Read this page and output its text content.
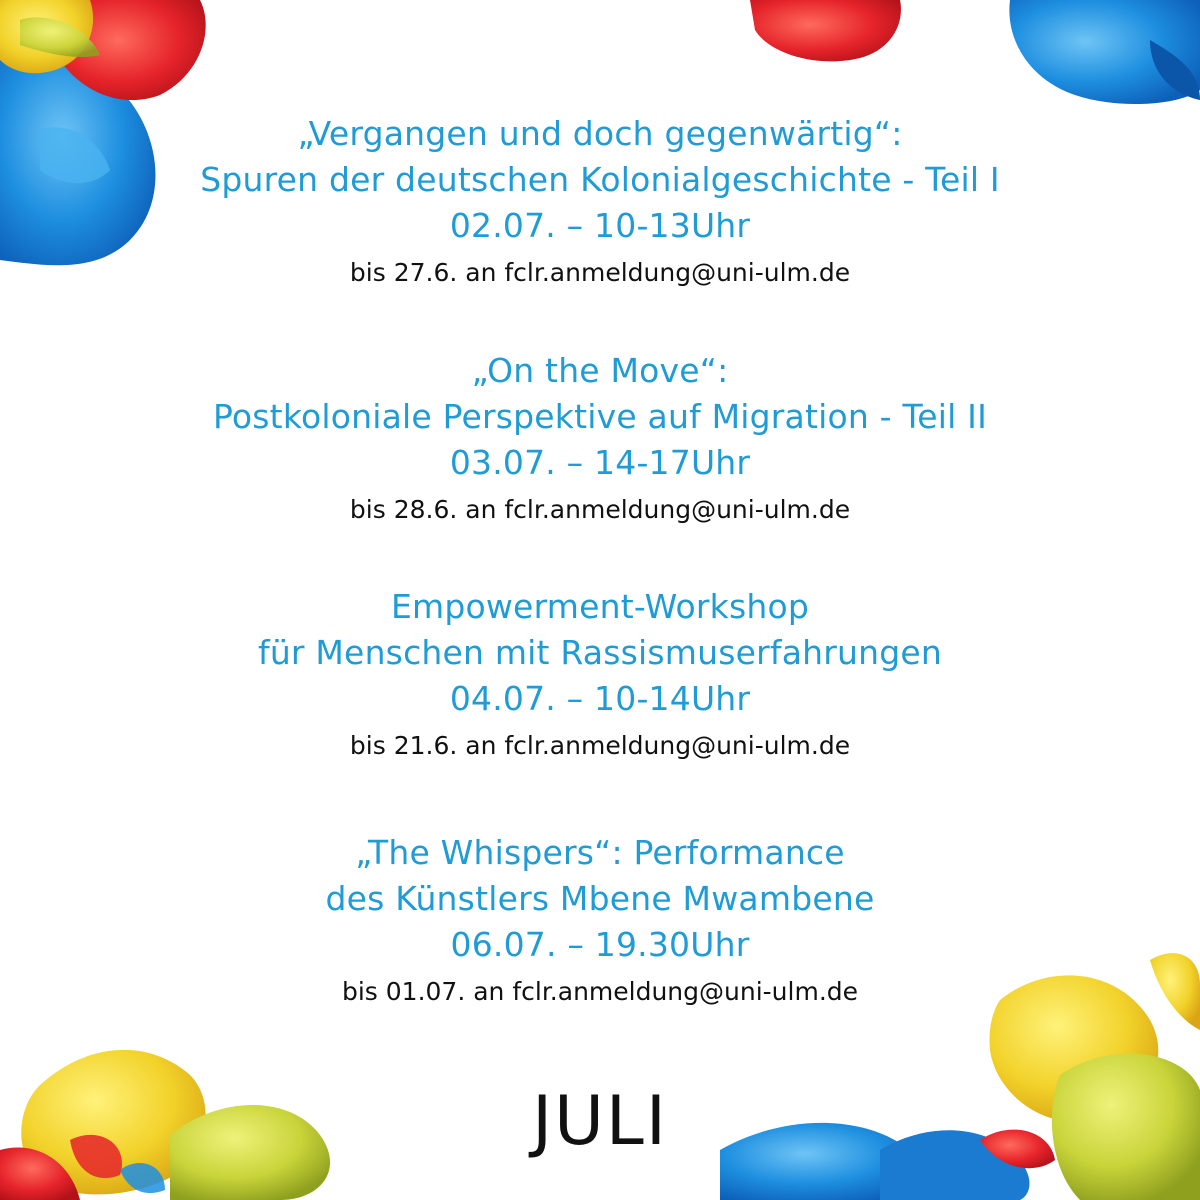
„Vergangen und doch gegenwärtig“:
Spuren der deutschen Kolonialgeschichte - Teil I
02.07. – 10-13Uhr
bis 27.6. an fclr.anmeldung@uni-ulm.de
„On the Move“:
Postkoloniale Perspektive auf Migration - Teil II
03.07. – 14-17Uhr
bis 28.6. an fclr.anmeldung@uni-ulm.de
Empowerment-Workshop
für Menschen mit Rassismuserfahrungen
04.07. – 10-14Uhr
bis 21.6. an fclr.anmeldung@uni-ulm.de
„The Whispers“: Performance
des Künstlers Mbene Mwambene
06.07. – 19.30Uhr
bis 01.07. an fclr.anmeldung@uni-ulm.de
JULI
